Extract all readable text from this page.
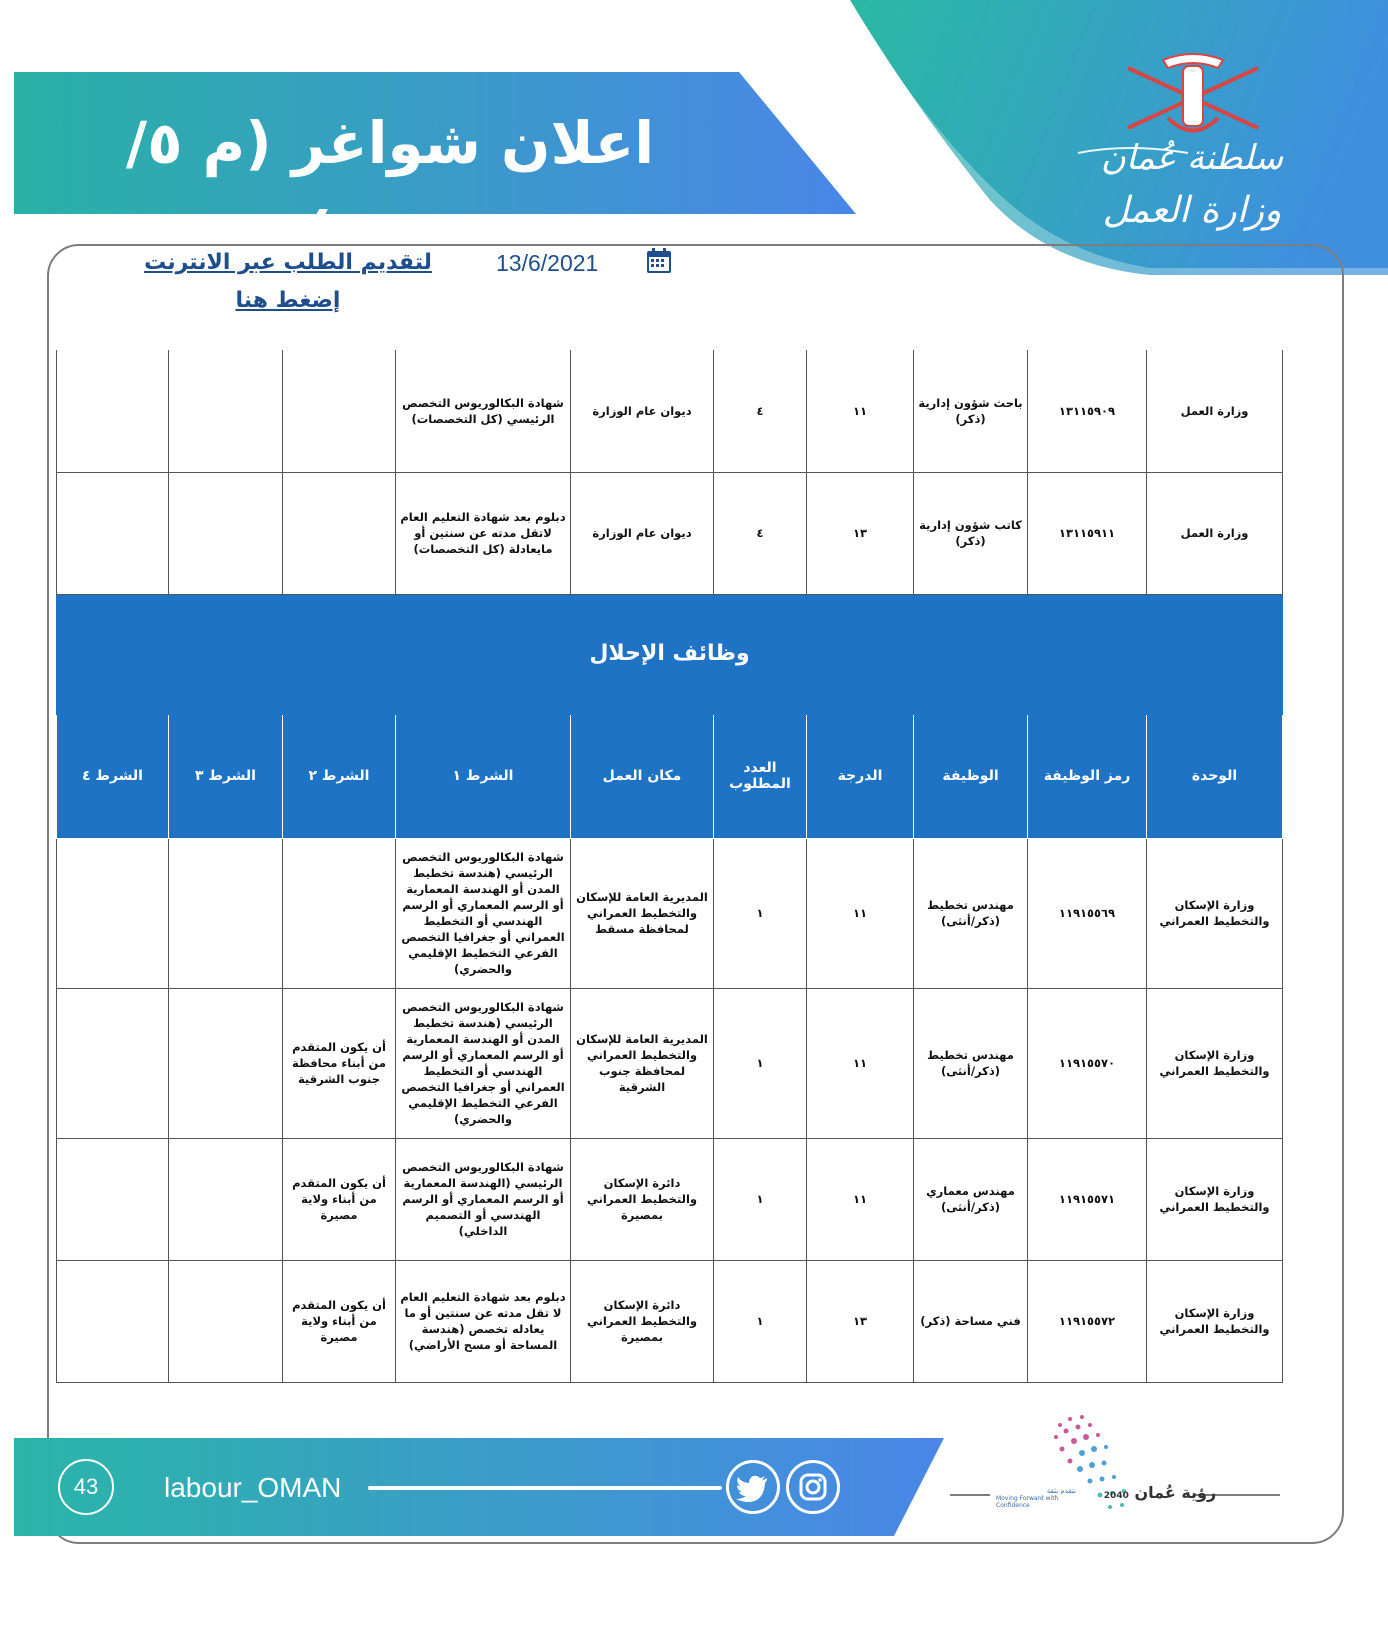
اعلان شواغر (م ٥/ ٢٠٢١)
سلطنة عُمان
وزارة العمل
لتقديم الطلب عبر الانترنت إضغط هنا
13/6/2021
وزارة العمل	١٣١١٥٩٠٩	باحث شؤون إدارية (ذكر)	١١	٤	ديوان عام الوزارة	شهادة البكالوريوس التخصص الرئيسي (كل التخصصات)			
وزارة العمل	١٣١١٥٩١١	كاتب شؤون إدارية (ذكر)	١٣	٤	ديوان عام الوزارة	دبلوم بعد شهادة التعليم العام لاتقل مدته عن سنتين أو مايعادلة (كل التخصصات)			
وظائف الإحلال									
الوحدة	رمز الوظيفة	الوظيفة	الدرجة	العدد المطلوب	مكان العمل	الشرط ١	الشرط ٢	الشرط ٣	الشرط ٤
وزارة الإسكان والتخطيط العمراني	١١٩١٥٥٦٩	مهندس تخطيط (ذكر/أنثى)	١١	١	المديرية العامة للإسكان والتخطيط العمراني لمحافظة مسقط	شهادة البكالوريوس التخصص الرئيسي (هندسة تخطيط المدن أو الهندسة المعمارية أو الرسم المعماري أو الرسم الهندسي أو التخطيط العمراني أو جغرافيا التخصص الفرعي التخطيط الإقليمي والحضري)			
وزارة الإسكان والتخطيط العمراني	١١٩١٥٥٧٠	مهندس تخطيط (ذكر/أنثى)	١١	١	المديرية العامة للإسكان والتخطيط العمراني لمحافظة جنوب الشرقية	شهادة البكالوريوس التخصص الرئيسي (هندسة تخطيط المدن أو الهندسة المعمارية أو الرسم المعماري أو الرسم الهندسي أو التخطيط العمراني أو جغرافيا التخصص الفرعي التخطيط الإقليمي والحضري)	أن يكون المتقدم من أبناء محافظة جنوب الشرقية		
وزارة الإسكان والتخطيط العمراني	١١٩١٥٥٧١	مهندس معماري (ذكر/أنثى)	١١	١	دائرة الإسكان والتخطيط العمراني بمصيرة	شهادة البكالوريوس التخصص الرئيسي (الهندسة المعمارية أو الرسم المعماري أو الرسم الهندسي أو التصميم الداخلي)	أن يكون المتقدم من أبناء ولاية مصيرة		
وزارة الإسكان والتخطيط العمراني	١١٩١٥٥٧٢	فني مساحة (ذكر)	١٣	١	دائرة الإسكان والتخطيط العمراني بمصيرة	دبلوم بعد شهادة التعليم العام لا تقل مدته عن سنتين أو ما يعادله تخصص (هندسة المساحة أو مسح الأراضي)	أن يكون المتقدم من أبناء ولاية مصيرة		
43	labour_OMAN	رؤية عُمان 2040
نتقدم بثقة
Moving Forward with Confidence
